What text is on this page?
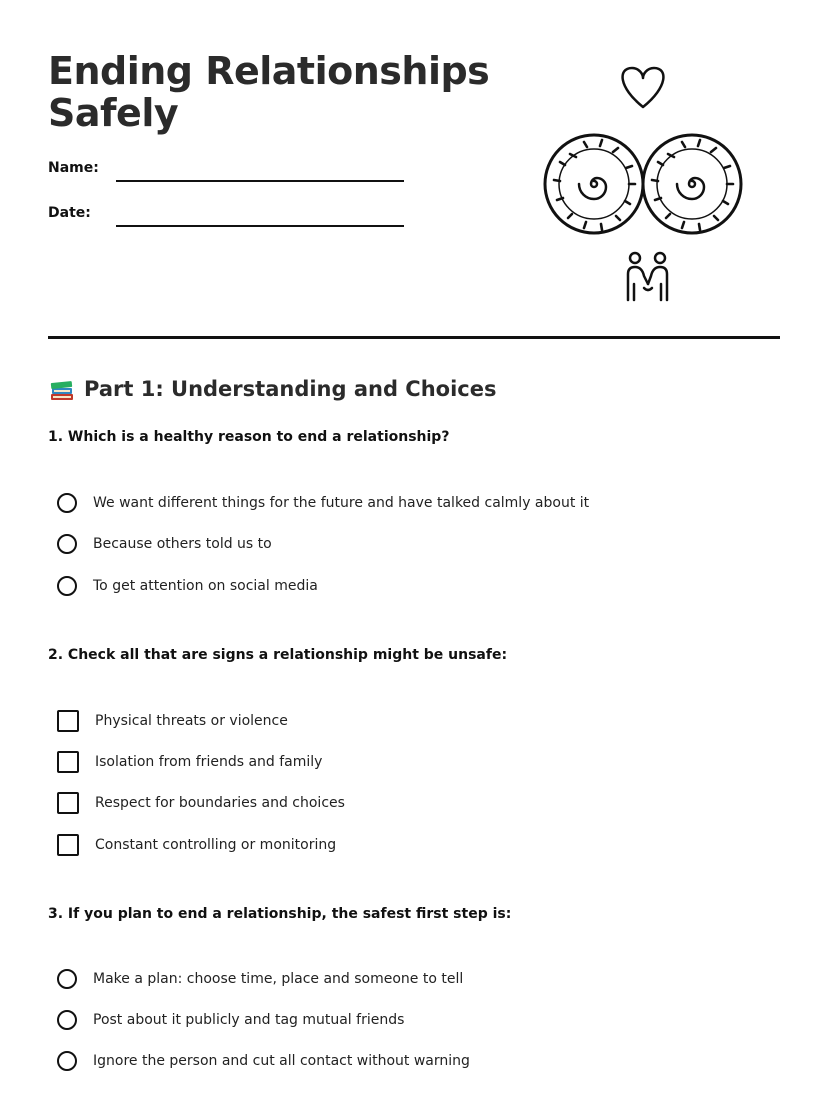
Ending Relationships
Safely
Name:
Date:
Part 1: Understanding and Choices
1. Which is a healthy reason to end a relationship?
We want different things for the future and have talked calmly about it
Because others told us to
To get attention on social media
2. Check all that are signs a relationship might be unsafe:
Physical threats or violence
Isolation from friends and family
Respect for boundaries and choices
Constant controlling or monitoring
3. If you plan to end a relationship, the safest first step is:
Make a plan: choose time, place and someone to tell
Post about it publicly and tag mutual friends
Ignore the person and cut all contact without warning
